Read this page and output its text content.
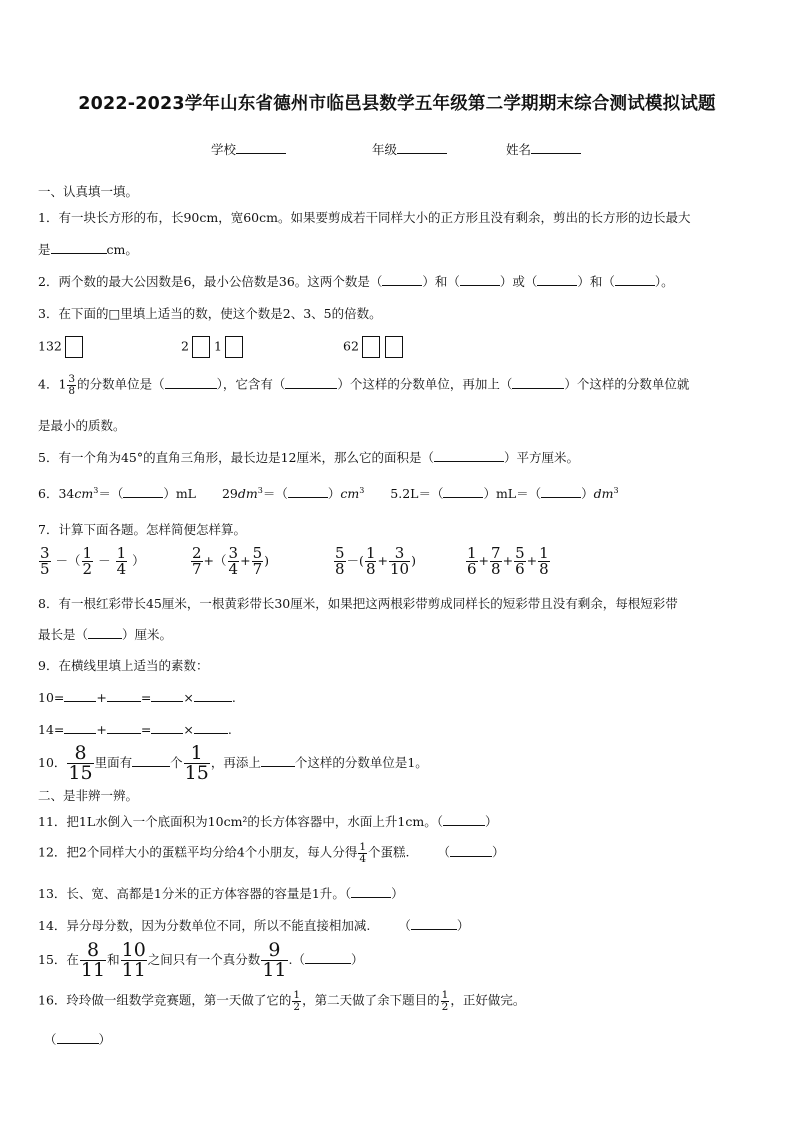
2022-2023学年山东省德州市临邑县数学五年级第二学期期末综合测试模拟试题
学校	年级	姓名
一、认真填一填。
1．有一块长方形的布，长90cm，宽60cm。如果要剪成若干同样大小的正方形且没有剩余，剪出的长方形的边长最大
是	cm。
2．两个数的最大公因数是6，最小公倍数是36。这两个数是（	）和（	）或（	）和（	）。
3．在下面的□里填上适当的数，使这个数是2、3、5的倍数。
132	2 1	62
4．$1 \frac{3}{8}$ 的分数单位是（	），它含有（	）个这样的分数单位，再加上（	）个这样的分数单位就
是最小的质数。
5．有一个角为45°的直角三角形，最长边是12厘米，那么它的面积是（	）平方厘米。
6．$34cm^3=$（	）mL $29dm^3=$（	）$cm^3$ 5.2L＝（	）mL＝（	）$dm^3$
7．计算下面各题。怎样简便怎样算。
$\frac{3}{5}$ －（ $\frac{1}{2} - \frac{1}{4}$ ）	$\frac{2}{7}$ +（ $\frac{3}{4} + \frac{5}{7}$ )	$\frac{5}{8}$ －( $\frac{1}{8} + \frac{3}{10}$ )	$\frac{1}{6} + \frac{7}{8} + \frac{5}{6} + \frac{1}{8}$
8．有一根红彩带长45厘米，一根黄彩带长30厘米，如果把这两根彩带剪成同样长的短彩带且没有剩余，每根短彩带
最长是（	）厘米。
9．在横线里填上适当的素数：
10=	+	=	×	.
14=	+	=	×	.
10． $\frac{8}{15}$ 里面有	个 $\frac{1}{15}$ ，再添上	个这样的分数单位是1。
二、是非辨一辨。
11．把1L水倒入一个底面积为10cm²的长方体容器中，水面上升1cm。（	）
12．把2个同样大小的蛋糕平均分给4个小朋友，每人分得 $\frac{1}{4}$ 个蛋糕. （	）
13．长、宽、高都是1分米的正方体容器的容量是1升。（	）
14．异分母分数，因为分数单位不同，所以不能直接相加减. （	）
15．在 $\frac{8}{11}$ 和 $\frac{10}{11}$ 之间只有一个真分数 $\frac{9}{11}$ .（	）
16．玲玲做一组数学竞赛题，第一天做了它的 $\frac{1}{2}$ ，第二天做了余下题目的 $\frac{1}{2}$ ，正好做完。
（	）
